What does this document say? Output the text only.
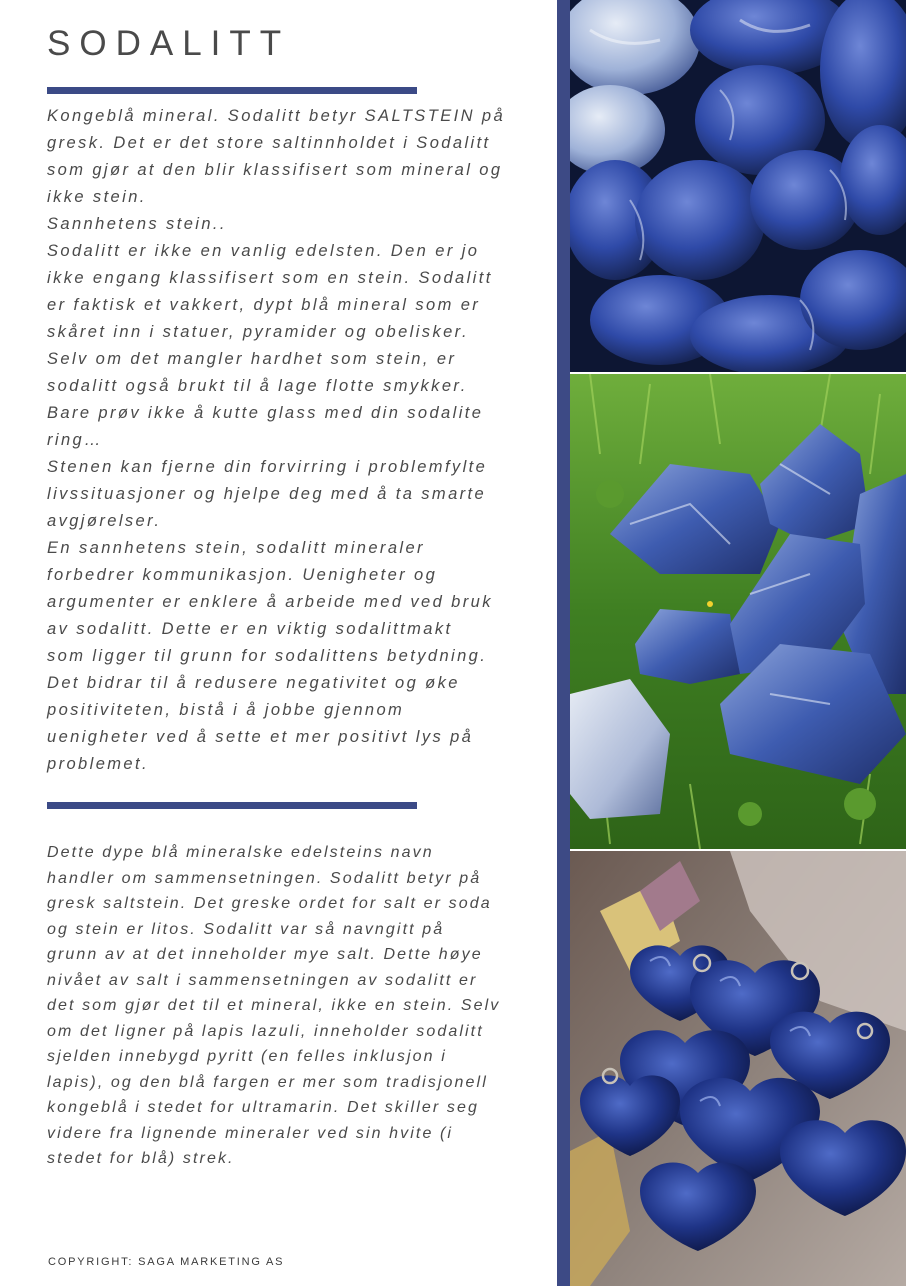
SODALITT

Kongeblå mineral. Sodalitt betyr SALTSTEIN på
gresk. Det er det store saltinnholdet i Sodalitt
som gjør at den blir klassifisert som mineral og
ikke stein.
Sannhetens stein..
Sodalitt er ikke en vanlig edelsten. Den er jo
ikke engang klassifisert som en stein. Sodalitt
er faktisk et vakkert, dypt blå mineral som er
skåret inn i statuer, pyramider og obelisker.
Selv om det mangler hardhet som stein, er
sodalitt også brukt til å lage flotte smykker.
Bare prøv ikke å kutte glass med din sodalite
ring…
Stenen kan fjerne din forvirring i problemfylte
livssituasjoner og hjelpe deg med å ta smarte
avgjørelser.
En sannhetens stein, sodalitt mineraler
forbedrer kommunikasjon. Uenigheter og
argumenter er enklere å arbeide med ved bruk
av sodalitt. Dette er en viktig sodalittmakt
som ligger til grunn for sodalittens betydning.
Det bidrar til å redusere negativitet og øke
positiviteten, bistå i å jobbe gjennom
uenigheter ved å sette et mer positivt lys på
problemet.

Dette dype blå mineralske edelsteins navn
handler om sammensetningen. Sodalitt betyr på
gresk saltstein. Det greske ordet for salt er soda
og stein er litos. Sodalitt var så navngitt på
grunn av at det inneholder mye salt. Dette høye
nivået av salt i sammensetningen av sodalitt er
det som gjør det til et mineral, ikke en stein. Selv
om det ligner på lapis lazuli, inneholder sodalitt
sjelden innebygd pyritt (en felles inklusjon i
lapis), og den blå fargen er mer som tradisjonell
kongeblå i stedet for ultramarin. Det skiller seg
videre fra lignende mineraler ved sin hvite (i
stedet for blå) strek.

COPYRIGHT: SAGA MARKETING AS
